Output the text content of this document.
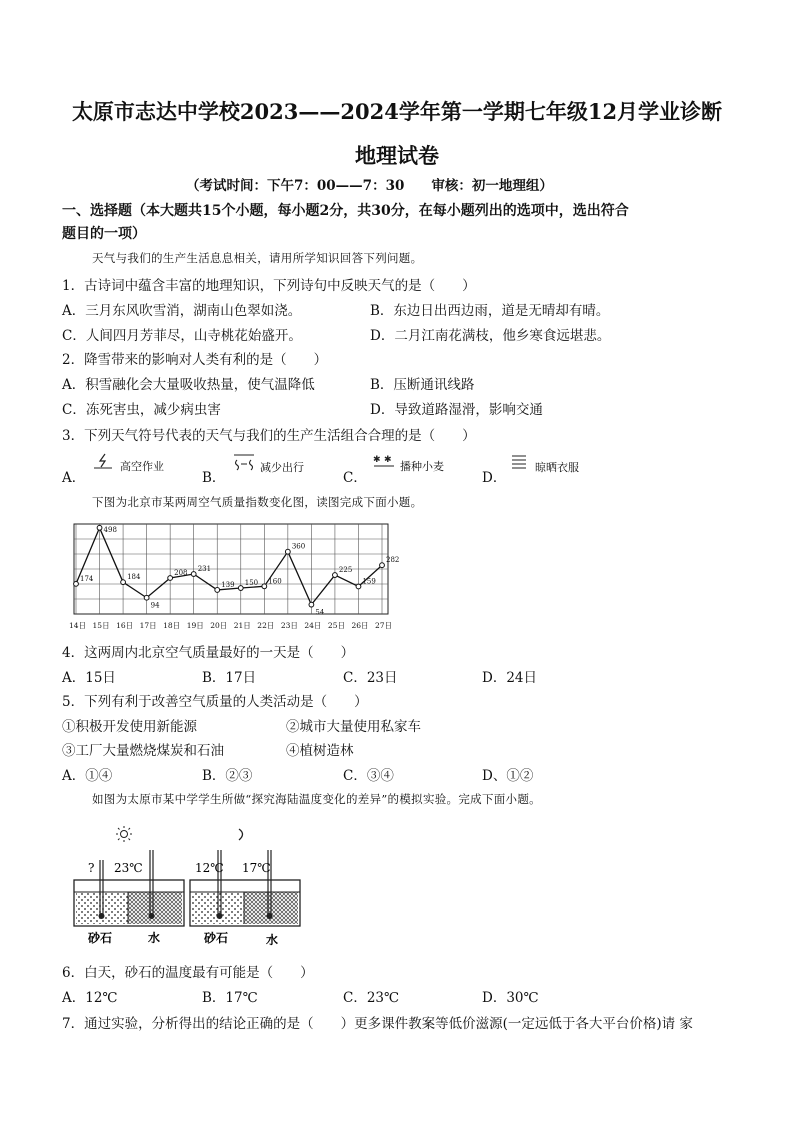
太原市志达中学校2023——2024学年第一学期七年级12月学业诊断
地理试卷
（考试时间：下午7：00——7：30　　审核：初一地理组）
一、选择题（本大题共15个小题，每小题2分，共30分，在每小题列出的选项中，选出符合
题目的一项）
天气与我们的生产生活息息相关，请用所学知识回答下列问题。
1．古诗词中蕴含丰富的地理知识，下列诗句中反映天气的是（　　）
A．三月东风吹雪消，湖南山色翠如浇。	B．东边日出西边雨，道是无晴却有晴。
C．人间四月芳菲尽，山寺桃花始盛开。	D．二月江南花满枝，他乡寒食远堪悲。
2．降雪带来的影响对人类有利的是（　　）
A．积雪融化会大量吸收热量，使气温降低	B．压断通讯线路
C．冻死害虫，减少病虫害	D．导致道路湿滑，影响交通
3．下列天气符号代表的天气与我们的生产生活组合合理的是（　　）
A．
高空作业
B．
减少出行
C．
✱ ✱ 播种小麦
D．
晾晒衣服
下图为北京市某两周空气质量指数变化图，读图完成下面小题。
174
498
184
94
208 231
139 150 160
360
54
225
159
282
14日 15日 16日 17日 18日 19日 20日 21日 22日 23日 24日 25日 26日 27日
4．这两周内北京空气质量最好的一天是（　　）
A．15日	B．17日	C．23日	D．24日
5．下列有利于改善空气质量的人类活动是（　　）
①积极开发使用新能源	②城市大量使用私家车
③工厂大量燃烧煤炭和石油	④植树造林
A．①④	B．②③	C．③④	D、①②
如图为太原市某中学学生所做“探究海陆温度变化的差异”的模拟实验。完成下面小题。
? 23℃	12℃ 17℃
砂石	水	砂石	水
6．白天，砂石的温度最有可能是（　　）
A．12℃	B．17℃	C．23℃	D．30℃
7．通过实验，分析得出的结论正确的是（　　）更多课件教案等低价滋源(一定远低于各大平台价格)请 家
